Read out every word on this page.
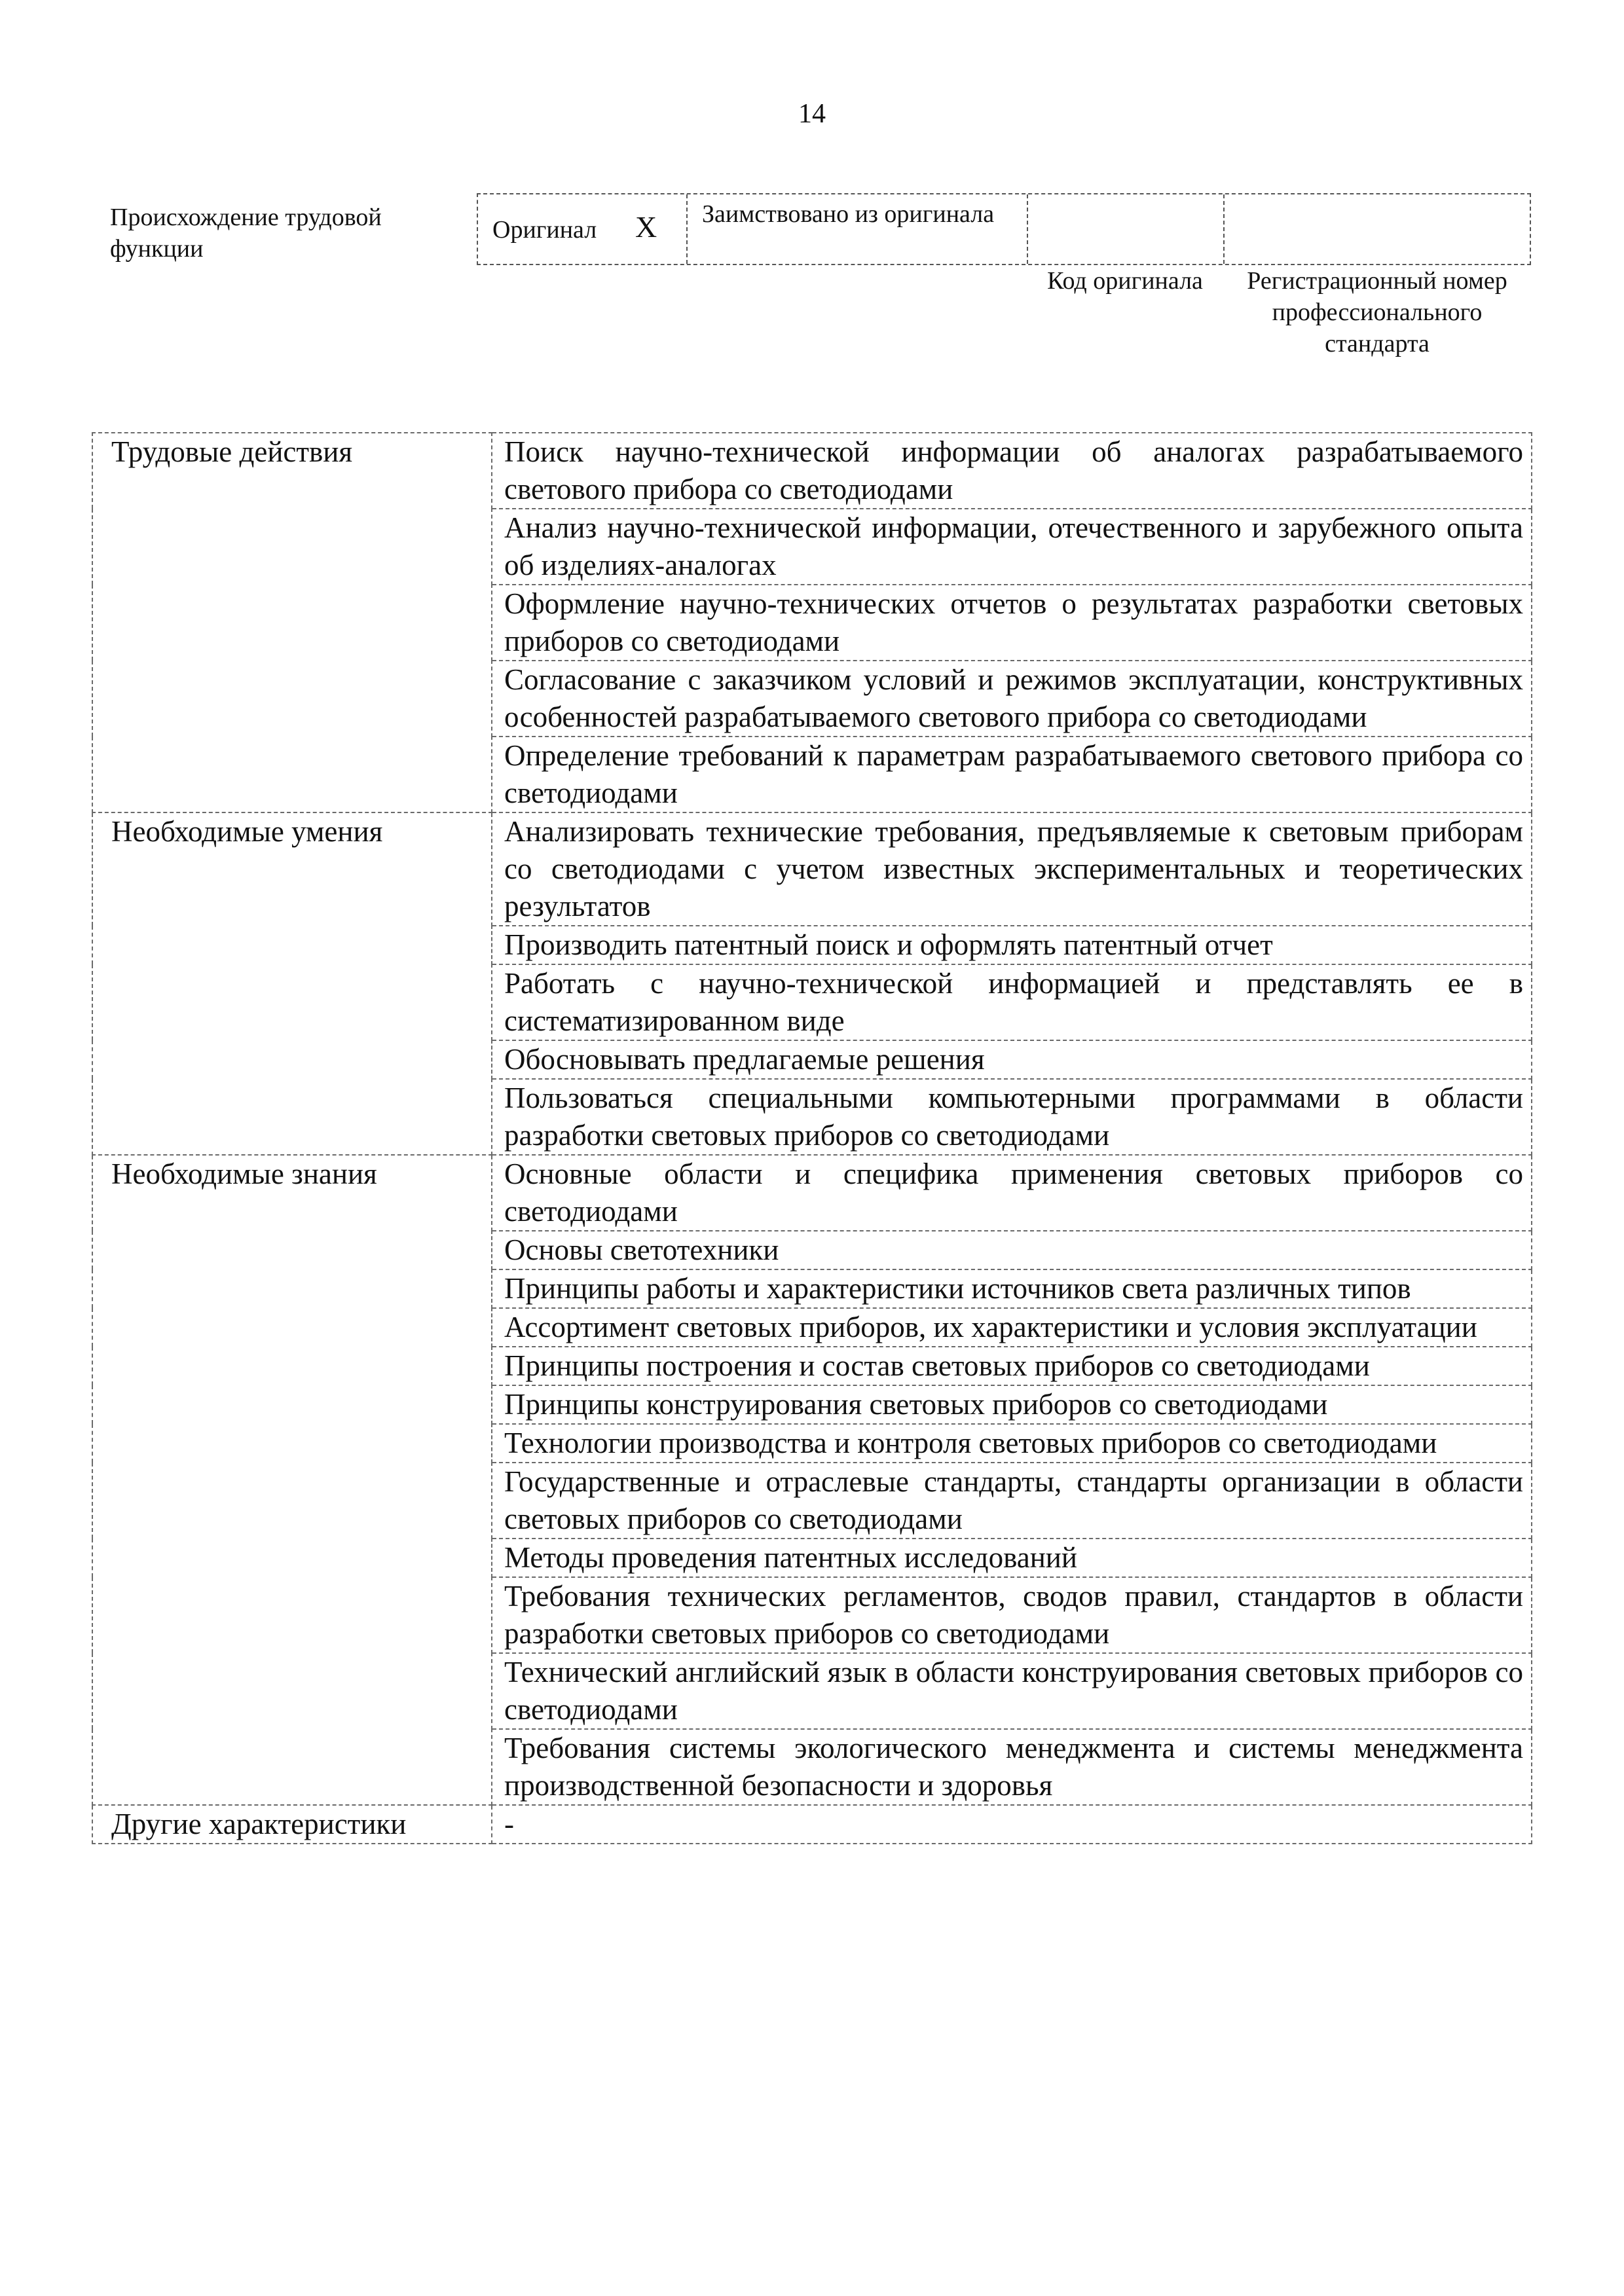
14
Происхождение трудовой функции
Оригинал X	Заимствовано из оригинала
Код оригинала	Регистрационный номер профессионального стандарта
Трудовые действия	Поиск научно-технической информации об аналогах разрабатываемого светового прибора со светодиодами
	Анализ научно-технической информации, отечественного и зарубежного опыта об изделиях-аналогах
	Оформление научно-технических отчетов о результатах разработки световых приборов со светодиодами
	Согласование с заказчиком условий и режимов эксплуатации, конструктивных особенностей разрабатываемого светового прибора со светодиодами
	Определение требований к параметрам разрабатываемого светового прибора со светодиодами
Необходимые умения	Анализировать технические требования, предъявляемые к световым приборам со светодиодами с учетом известных экспериментальных и теоретических результатов
	Производить патентный поиск и оформлять патентный отчет
	Работать с научно-технической информацией и представлять ее в систематизированном виде
	Обосновывать предлагаемые решения
	Пользоваться специальными компьютерными программами в области разработки световых приборов со светодиодами
Необходимые знания	Основные области и специфика применения световых приборов со светодиодами
	Основы светотехники
	Принципы работы и характеристики источников света различных типов
	Ассортимент световых приборов, их характеристики и условия эксплуатации
	Принципы построения и состав световых приборов со светодиодами
	Принципы конструирования световых приборов со светодиодами
	Технологии производства и контроля световых приборов со светодиодами
	Государственные и отраслевые стандарты, стандарты организации в области световых приборов со светодиодами
	Методы проведения патентных исследований
	Требования технических регламентов, сводов правил, стандартов в области разработки световых приборов со светодиодами
	Технический английский язык в области конструирования световых приборов со светодиодами
	Требования системы экологического менеджмента и системы менеджмента производственной безопасности и здоровья
Другие характеристики	-
